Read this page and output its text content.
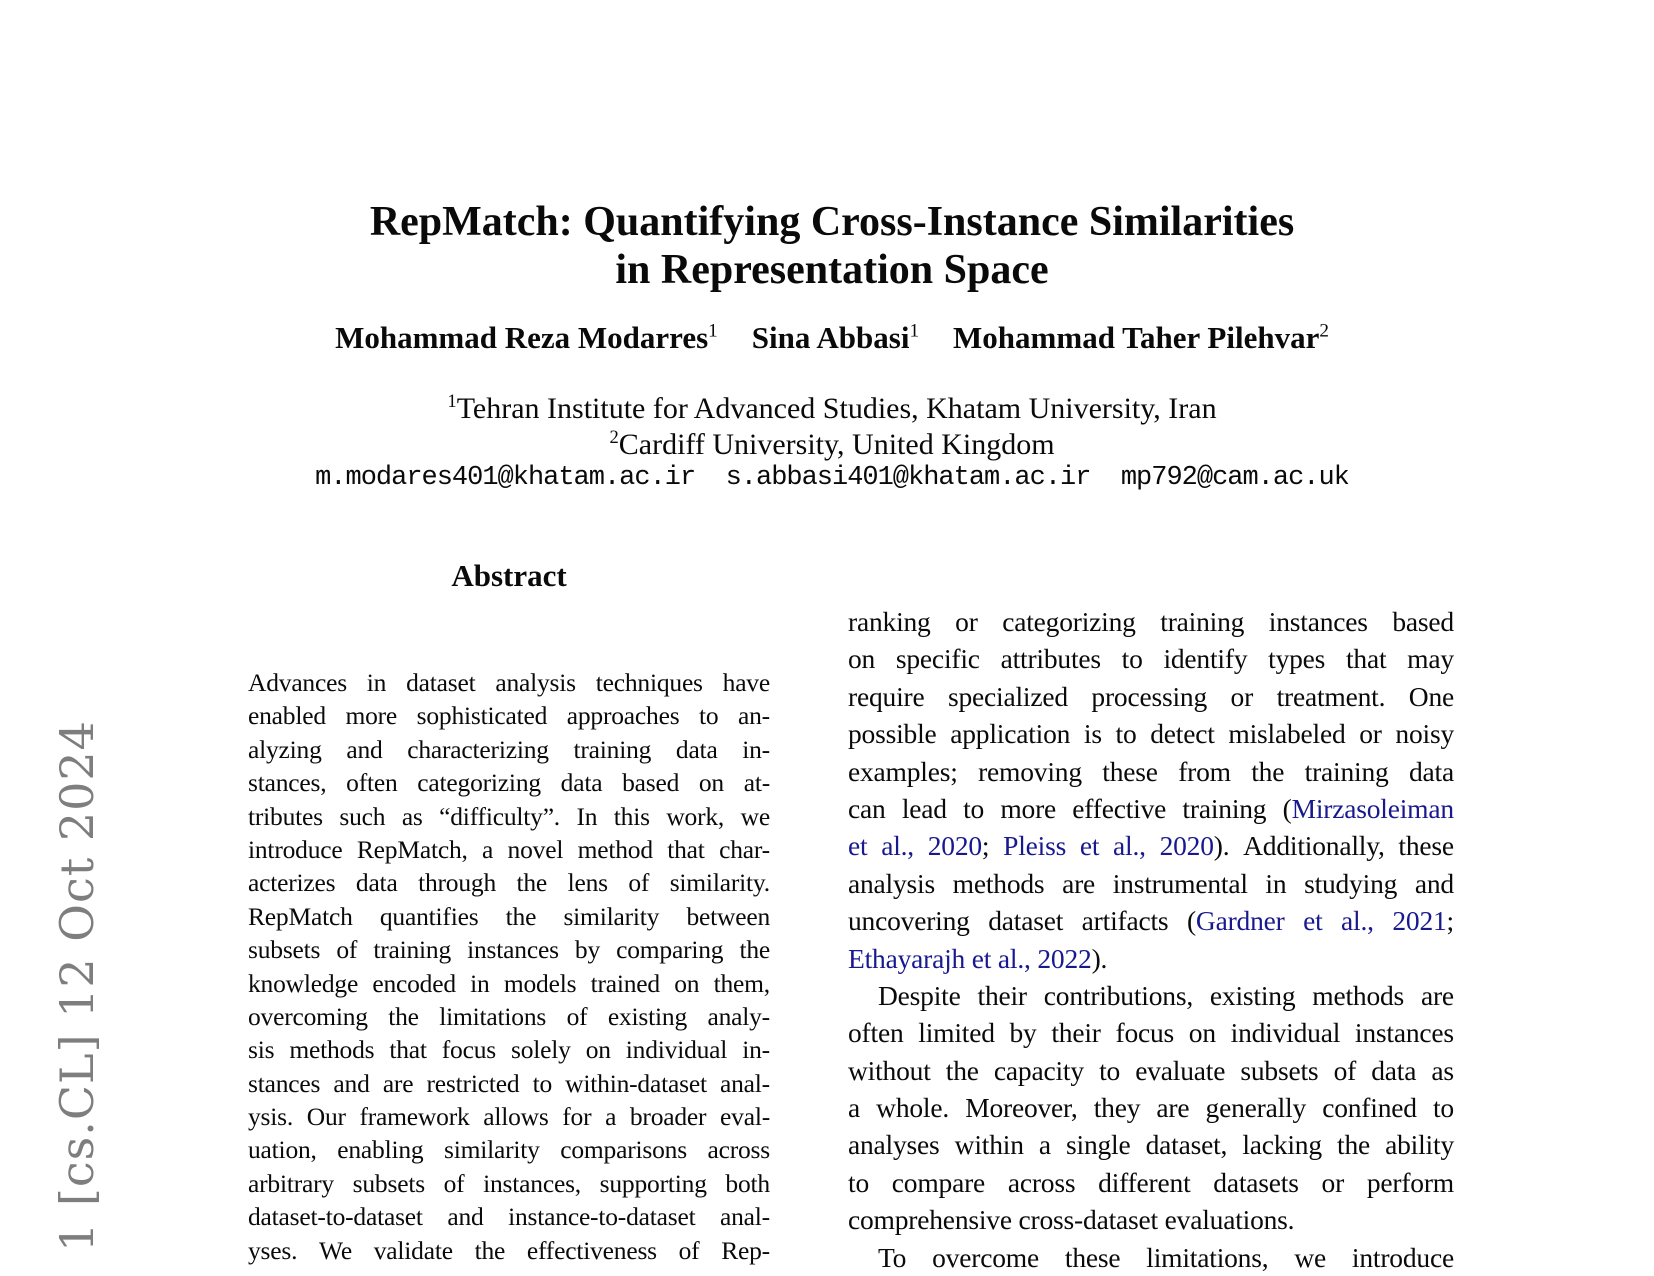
1 [cs.CL] 12 Oct 2024
RepMatch: Quantifying Cross-Instance Similarities
in Representation Space
Mohammad Reza Modarres$^1$ Sina Abbasi$^1$ Mohammad Taher Pilehvar$^2$
$^1$Tehran Institute for Advanced Studies, Khatam University, Iran
$^2$Cardiff University, United Kingdom
m.modares401@khatam.ac.ir  s.abbasi401@khatam.ac.ir  mp792@cam.ac.uk
Abstract
Advances in dataset analysis techniques have
enabled more sophisticated approaches to an-
alyzing and characterizing training data in-
stances, often categorizing data based on at-
tributes such as “difficulty”. In this work, we
introduce RepMatch, a novel method that char-
acterizes data through the lens of similarity.
RepMatch quantifies the similarity between
subsets of training instances by comparing the
knowledge encoded in models trained on them,
overcoming the limitations of existing analy-
sis methods that focus solely on individual in-
stances and are restricted to within-dataset anal-
ysis. Our framework allows for a broader eval-
uation, enabling similarity comparisons across
arbitrary subsets of instances, supporting both
dataset-to-dataset and instance-to-dataset anal-
yses. We validate the effectiveness of Rep-
ranking or categorizing training instances based
on specific attributes to identify types that may
require specialized processing or treatment. One
possible application is to detect mislabeled or noisy
examples; removing these from the training data
can lead to more effective training (Mirzasoleiman
et al., 2020; Pleiss et al., 2020). Additionally, these
analysis methods are instrumental in studying and
uncovering dataset artifacts (Gardner et al., 2021;
Ethayarajh et al., 2022).
Despite their contributions, existing methods are
often limited by their focus on individual instances
without the capacity to evaluate subsets of data as
a whole. Moreover, they are generally confined to
analyses within a single dataset, lacking the ability
to compare across different datasets or perform
comprehensive cross-dataset evaluations.
To overcome these limitations, we introduce
